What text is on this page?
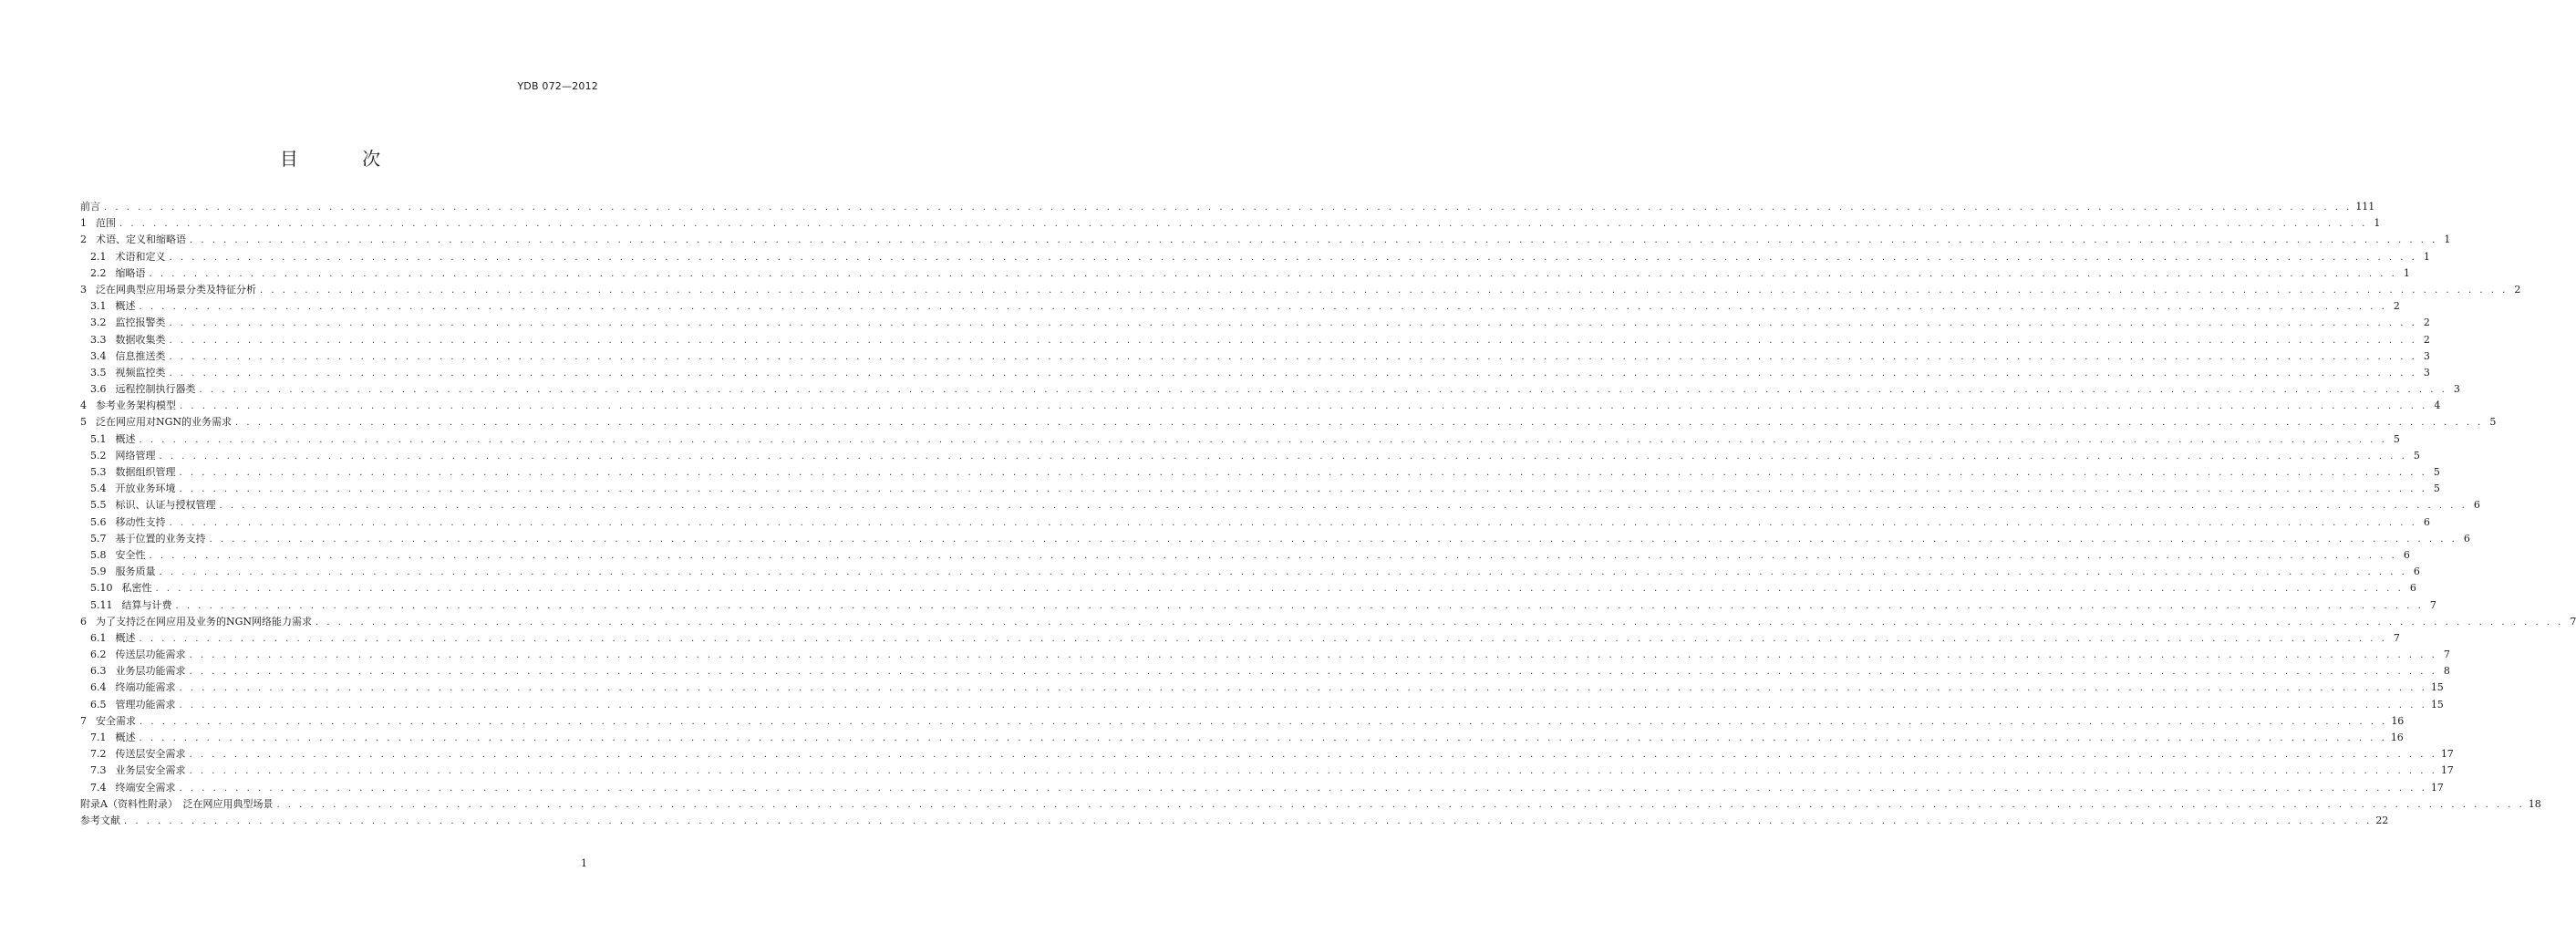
YDB 072—2012
目 次
前言 . . . . . . . . . . . . . . . . . . . . . . . . . . . . . . . . . . . . . . . . . . . . . . . . . . . . . . . . . . . . . . . . . . . . . . . . . . . . . . . . . . . . . . . . . . . . . . . . . . . . . . . . . . . . . . . . . . . . . . . . . . . . . . . . . . . . . . . . . . . . . . . . . . . . . . . . . . . . . . . . . . . . . . . . . . . . . . . . . . . . . . . . . . . . . . . . . . . . . . . . 111
1 范围 . . . . . . . . . . . . . . . . . . . . . . . . . . . . . . . . . . . . . . . . . . . . . . . . . . . . . . . . . . . . . . . . . . . . . . . . . . . . . . . . . . . . . . . . . . . . . . . . . . . . . . . . . . . . . . . . . . . . . . . . . . . . . . . . . . . . . . . . . . . . . . . . . . . . . . . . . . . . . . . . . . . . . . . . . . . . . . . . . . . . . . . . . . . . . . . . . . . . . . . . 1
2 术语、定义和缩略语 . . . . . . . . . . . . . . . . . . . . . . . . . . . . . . . . . . . . . . . . . . . . . . . . . . . . . . . . . . . . . . . . . . . . . . . . . . . . . . . . . . . . . . . . . . . . . . . . . . . . . . . . . . . . . . . . . . . . . . . . . . . . . . . . . . . . . . . . . . . . . . . . . . . . . . . . . . . . . . . . . . . . . . . . . . . . . . . . . . . . . . . . . . . . . . . . . . . . . . . . 1
2.1 术语和定义 . . . . . . . . . . . . . . . . . . . . . . . . . . . . . . . . . . . . . . . . . . . . . . . . . . . . . . . . . . . . . . . . . . . . . . . . . . . . . . . . . . . . . . . . . . . . . . . . . . . . . . . . . . . . . . . . . . . . . . . . . . . . . . . . . . . . . . . . . . . . . . . . . . . . . . . . . . . . . . . . . . . . . . . . . . . . . . . . . . . . . . . . . . . . . . . . . . . . . . . . 1
2.2 缩略语 . . . . . . . . . . . . . . . . . . . . . . . . . . . . . . . . . . . . . . . . . . . . . . . . . . . . . . . . . . . . . . . . . . . . . . . . . . . . . . . . . . . . . . . . . . . . . . . . . . . . . . . . . . . . . . . . . . . . . . . . . . . . . . . . . . . . . . . . . . . . . . . . . . . . . . . . . . . . . . . . . . . . . . . . . . . . . . . . . . . . . . . . . . . . . . . . . . . . . . . . 1
3 泛在网典型应用场景分类及特征分析 . . . . . . . . . . . . . . . . . . . . . . . . . . . . . . . . . . . . . . . . . . . . . . . . . . . . . . . . . . . . . . . . . . . . . . . . . . . . . . . . . . . . . . . . . . . . . . . . . . . . . . . . . . . . . . . . . . . . . . . . . . . . . . . . . . . . . . . . . . . . . . . . . . . . . . . . . . . . . . . . . . . . . . . . . . . . . . . . . . . . . . . . . . . . . . . . . . . . . . . . 2
3.1 概述 . . . . . . . . . . . . . . . . . . . . . . . . . . . . . . . . . . . . . . . . . . . . . . . . . . . . . . . . . . . . . . . . . . . . . . . . . . . . . . . . . . . . . . . . . . . . . . . . . . . . . . . . . . . . . . . . . . . . . . . . . . . . . . . . . . . . . . . . . . . . . . . . . . . . . . . . . . . . . . . . . . . . . . . . . . . . . . . . . . . . . . . . . . . . . . . . . . . . . . . . 2
3.2 监控报警类 . . . . . . . . . . . . . . . . . . . . . . . . . . . . . . . . . . . . . . . . . . . . . . . . . . . . . . . . . . . . . . . . . . . . . . . . . . . . . . . . . . . . . . . . . . . . . . . . . . . . . . . . . . . . . . . . . . . . . . . . . . . . . . . . . . . . . . . . . . . . . . . . . . . . . . . . . . . . . . . . . . . . . . . . . . . . . . . . . . . . . . . . . . . . . . . . . . . . . . . . 2
3.3 数据收集类 . . . . . . . . . . . . . . . . . . . . . . . . . . . . . . . . . . . . . . . . . . . . . . . . . . . . . . . . . . . . . . . . . . . . . . . . . . . . . . . . . . . . . . . . . . . . . . . . . . . . . . . . . . . . . . . . . . . . . . . . . . . . . . . . . . . . . . . . . . . . . . . . . . . . . . . . . . . . . . . . . . . . . . . . . . . . . . . . . . . . . . . . . . . . . . . . . . . . . . . . 2
3.4 信息推送类 . . . . . . . . . . . . . . . . . . . . . . . . . . . . . . . . . . . . . . . . . . . . . . . . . . . . . . . . . . . . . . . . . . . . . . . . . . . . . . . . . . . . . . . . . . . . . . . . . . . . . . . . . . . . . . . . . . . . . . . . . . . . . . . . . . . . . . . . . . . . . . . . . . . . . . . . . . . . . . . . . . . . . . . . . . . . . . . . . . . . . . . . . . . . . . . . . . . . . . . . 3
3.5 视频监控类 . . . . . . . . . . . . . . . . . . . . . . . . . . . . . . . . . . . . . . . . . . . . . . . . . . . . . . . . . . . . . . . . . . . . . . . . . . . . . . . . . . . . . . . . . . . . . . . . . . . . . . . . . . . . . . . . . . . . . . . . . . . . . . . . . . . . . . . . . . . . . . . . . . . . . . . . . . . . . . . . . . . . . . . . . . . . . . . . . . . . . . . . . . . . . . . . . . . . . . . . 3
3.6 远程控制执行器类 . . . . . . . . . . . . . . . . . . . . . . . . . . . . . . . . . . . . . . . . . . . . . . . . . . . . . . . . . . . . . . . . . . . . . . . . . . . . . . . . . . . . . . . . . . . . . . . . . . . . . . . . . . . . . . . . . . . . . . . . . . . . . . . . . . . . . . . . . . . . . . . . . . . . . . . . . . . . . . . . . . . . . . . . . . . . . . . . . . . . . . . . . . . . . . . . . . . . . . . . 3
4 参考业务架构模型 . . . . . . . . . . . . . . . . . . . . . . . . . . . . . . . . . . . . . . . . . . . . . . . . . . . . . . . . . . . . . . . . . . . . . . . . . . . . . . . . . . . . . . . . . . . . . . . . . . . . . . . . . . . . . . . . . . . . . . . . . . . . . . . . . . . . . . . . . . . . . . . . . . . . . . . . . . . . . . . . . . . . . . . . . . . . . . . . . . . . . . . . . . . . . . . . . . . . . . . . 4
5 泛在网应用对NGN的业务需求 . . . . . . . . . . . . . . . . . . . . . . . . . . . . . . . . . . . . . . . . . . . . . . . . . . . . . . . . . . . . . . . . . . . . . . . . . . . . . . . . . . . . . . . . . . . . . . . . . . . . . . . . . . . . . . . . . . . . . . . . . . . . . . . . . . . . . . . . . . . . . . . . . . . . . . . . . . . . . . . . . . . . . . . . . . . . . . . . . . . . . . . . . . . . . . . . . . . . . . . . 5
5.1 概述 . . . . . . . . . . . . . . . . . . . . . . . . . . . . . . . . . . . . . . . . . . . . . . . . . . . . . . . . . . . . . . . . . . . . . . . . . . . . . . . . . . . . . . . . . . . . . . . . . . . . . . . . . . . . . . . . . . . . . . . . . . . . . . . . . . . . . . . . . . . . . . . . . . . . . . . . . . . . . . . . . . . . . . . . . . . . . . . . . . . . . . . . . . . . . . . . . . . . . . . . 5
5.2 网络管理 . . . . . . . . . . . . . . . . . . . . . . . . . . . . . . . . . . . . . . . . . . . . . . . . . . . . . . . . . . . . . . . . . . . . . . . . . . . . . . . . . . . . . . . . . . . . . . . . . . . . . . . . . . . . . . . . . . . . . . . . . . . . . . . . . . . . . . . . . . . . . . . . . . . . . . . . . . . . . . . . . . . . . . . . . . . . . . . . . . . . . . . . . . . . . . . . . . . . . . . . 5
5.3 数据组织管理 . . . . . . . . . . . . . . . . . . . . . . . . . . . . . . . . . . . . . . . . . . . . . . . . . . . . . . . . . . . . . . . . . . . . . . . . . . . . . . . . . . . . . . . . . . . . . . . . . . . . . . . . . . . . . . . . . . . . . . . . . . . . . . . . . . . . . . . . . . . . . . . . . . . . . . . . . . . . . . . . . . . . . . . . . . . . . . . . . . . . . . . . . . . . . . . . . . . . . . . . 5
5.4 开放业务环境 . . . . . . . . . . . . . . . . . . . . . . . . . . . . . . . . . . . . . . . . . . . . . . . . . . . . . . . . . . . . . . . . . . . . . . . . . . . . . . . . . . . . . . . . . . . . . . . . . . . . . . . . . . . . . . . . . . . . . . . . . . . . . . . . . . . . . . . . . . . . . . . . . . . . . . . . . . . . . . . . . . . . . . . . . . . . . . . . . . . . . . . . . . . . . . . . . . . . . . . . 5
5.5 标识、认证与授权管理 . . . . . . . . . . . . . . . . . . . . . . . . . . . . . . . . . . . . . . . . . . . . . . . . . . . . . . . . . . . . . . . . . . . . . . . . . . . . . . . . . . . . . . . . . . . . . . . . . . . . . . . . . . . . . . . . . . . . . . . . . . . . . . . . . . . . . . . . . . . . . . . . . . . . . . . . . . . . . . . . . . . . . . . . . . . . . . . . . . . . . . . . . . . . . . . . . . . . . . . . 6
5.6 移动性支持 . . . . . . . . . . . . . . . . . . . . . . . . . . . . . . . . . . . . . . . . . . . . . . . . . . . . . . . . . . . . . . . . . . . . . . . . . . . . . . . . . . . . . . . . . . . . . . . . . . . . . . . . . . . . . . . . . . . . . . . . . . . . . . . . . . . . . . . . . . . . . . . . . . . . . . . . . . . . . . . . . . . . . . . . . . . . . . . . . . . . . . . . . . . . . . . . . . . . . . . . 6
5.7 基于位置的业务支持 . . . . . . . . . . . . . . . . . . . . . . . . . . . . . . . . . . . . . . . . . . . . . . . . . . . . . . . . . . . . . . . . . . . . . . . . . . . . . . . . . . . . . . . . . . . . . . . . . . . . . . . . . . . . . . . . . . . . . . . . . . . . . . . . . . . . . . . . . . . . . . . . . . . . . . . . . . . . . . . . . . . . . . . . . . . . . . . . . . . . . . . . . . . . . . . . . . . . . . . . 6
5.8 安全性 . . . . . . . . . . . . . . . . . . . . . . . . . . . . . . . . . . . . . . . . . . . . . . . . . . . . . . . . . . . . . . . . . . . . . . . . . . . . . . . . . . . . . . . . . . . . . . . . . . . . . . . . . . . . . . . . . . . . . . . . . . . . . . . . . . . . . . . . . . . . . . . . . . . . . . . . . . . . . . . . . . . . . . . . . . . . . . . . . . . . . . . . . . . . . . . . . . . . . . . . 6
5.9 服务质量 . . . . . . . . . . . . . . . . . . . . . . . . . . . . . . . . . . . . . . . . . . . . . . . . . . . . . . . . . . . . . . . . . . . . . . . . . . . . . . . . . . . . . . . . . . . . . . . . . . . . . . . . . . . . . . . . . . . . . . . . . . . . . . . . . . . . . . . . . . . . . . . . . . . . . . . . . . . . . . . . . . . . . . . . . . . . . . . . . . . . . . . . . . . . . . . . . . . . . . . . 6
5.10 私密性 . . . . . . . . . . . . . . . . . . . . . . . . . . . . . . . . . . . . . . . . . . . . . . . . . . . . . . . . . . . . . . . . . . . . . . . . . . . . . . . . . . . . . . . . . . . . . . . . . . . . . . . . . . . . . . . . . . . . . . . . . . . . . . . . . . . . . . . . . . . . . . . . . . . . . . . . . . . . . . . . . . . . . . . . . . . . . . . . . . . . . . . . . . . . . . . . . . . . . . . . 6
5.11 结算与计费 . . . . . . . . . . . . . . . . . . . . . . . . . . . . . . . . . . . . . . . . . . . . . . . . . . . . . . . . . . . . . . . . . . . . . . . . . . . . . . . . . . . . . . . . . . . . . . . . . . . . . . . . . . . . . . . . . . . . . . . . . . . . . . . . . . . . . . . . . . . . . . . . . . . . . . . . . . . . . . . . . . . . . . . . . . . . . . . . . . . . . . . . . . . . . . . . . . . . . . . . 7
6 为了支持泛在网应用及业务的NGN网络能力需求 . . . . . . . . . . . . . . . . . . . . . . . . . . . . . . . . . . . . . . . . . . . . . . . . . . . . . . . . . . . . . . . . . . . . . . . . . . . . . . . . . . . . . . . . . . . . . . . . . . . . . . . . . . . . . . . . . . . . . . . . . . . . . . . . . . . . . . . . . . . . . . . . . . . . . . . . . . . . . . . . . . . . . . . . . . . . . . . . . . . . . . . . . . . . . . . . . . . . . . . . 7
6.1 概述 . . . . . . . . . . . . . . . . . . . . . . . . . . . . . . . . . . . . . . . . . . . . . . . . . . . . . . . . . . . . . . . . . . . . . . . . . . . . . . . . . . . . . . . . . . . . . . . . . . . . . . . . . . . . . . . . . . . . . . . . . . . . . . . . . . . . . . . . . . . . . . . . . . . . . . . . . . . . . . . . . . . . . . . . . . . . . . . . . . . . . . . . . . . . . . . . . . . . . . . . 7
6.2 传送层功能需求 . . . . . . . . . . . . . . . . . . . . . . . . . . . . . . . . . . . . . . . . . . . . . . . . . . . . . . . . . . . . . . . . . . . . . . . . . . . . . . . . . . . . . . . . . . . . . . . . . . . . . . . . . . . . . . . . . . . . . . . . . . . . . . . . . . . . . . . . . . . . . . . . . . . . . . . . . . . . . . . . . . . . . . . . . . . . . . . . . . . . . . . . . . . . . . . . . . . . . . . . 7
6.3 业务层功能需求 . . . . . . . . . . . . . . . . . . . . . . . . . . . . . . . . . . . . . . . . . . . . . . . . . . . . . . . . . . . . . . . . . . . . . . . . . . . . . . . . . . . . . . . . . . . . . . . . . . . . . . . . . . . . . . . . . . . . . . . . . . . . . . . . . . . . . . . . . . . . . . . . . . . . . . . . . . . . . . . . . . . . . . . . . . . . . . . . . . . . . . . . . . . . . . . . . . . . . . . . 8
6.4 终端功能需求 . . . . . . . . . . . . . . . . . . . . . . . . . . . . . . . . . . . . . . . . . . . . . . . . . . . . . . . . . . . . . . . . . . . . . . . . . . . . . . . . . . . . . . . . . . . . . . . . . . . . . . . . . . . . . . . . . . . . . . . . . . . . . . . . . . . . . . . . . . . . . . . . . . . . . . . . . . . . . . . . . . . . . . . . . . . . . . . . . . . . . . . . . . . . . . . . . . . . . . . . 15
6.5 管理功能需求 . . . . . . . . . . . . . . . . . . . . . . . . . . . . . . . . . . . . . . . . . . . . . . . . . . . . . . . . . . . . . . . . . . . . . . . . . . . . . . . . . . . . . . . . . . . . . . . . . . . . . . . . . . . . . . . . . . . . . . . . . . . . . . . . . . . . . . . . . . . . . . . . . . . . . . . . . . . . . . . . . . . . . . . . . . . . . . . . . . . . . . . . . . . . . . . . . . . . . . . . 15
7 安全需求 . . . . . . . . . . . . . . . . . . . . . . . . . . . . . . . . . . . . . . . . . . . . . . . . . . . . . . . . . . . . . . . . . . . . . . . . . . . . . . . . . . . . . . . . . . . . . . . . . . . . . . . . . . . . . . . . . . . . . . . . . . . . . . . . . . . . . . . . . . . . . . . . . . . . . . . . . . . . . . . . . . . . . . . . . . . . . . . . . . . . . . . . . . . . . . . . . . . . . . . . 16
7.1 概述 . . . . . . . . . . . . . . . . . . . . . . . . . . . . . . . . . . . . . . . . . . . . . . . . . . . . . . . . . . . . . . . . . . . . . . . . . . . . . . . . . . . . . . . . . . . . . . . . . . . . . . . . . . . . . . . . . . . . . . . . . . . . . . . . . . . . . . . . . . . . . . . . . . . . . . . . . . . . . . . . . . . . . . . . . . . . . . . . . . . . . . . . . . . . . . . . . . . . . . . . 16
7.2 传送层安全需求 . . . . . . . . . . . . . . . . . . . . . . . . . . . . . . . . . . . . . . . . . . . . . . . . . . . . . . . . . . . . . . . . . . . . . . . . . . . . . . . . . . . . . . . . . . . . . . . . . . . . . . . . . . . . . . . . . . . . . . . . . . . . . . . . . . . . . . . . . . . . . . . . . . . . . . . . . . . . . . . . . . . . . . . . . . . . . . . . . . . . . . . . . . . . . . . . . . . . . . . . 17
7.3 业务层安全需求 . . . . . . . . . . . . . . . . . . . . . . . . . . . . . . . . . . . . . . . . . . . . . . . . . . . . . . . . . . . . . . . . . . . . . . . . . . . . . . . . . . . . . . . . . . . . . . . . . . . . . . . . . . . . . . . . . . . . . . . . . . . . . . . . . . . . . . . . . . . . . . . . . . . . . . . . . . . . . . . . . . . . . . . . . . . . . . . . . . . . . . . . . . . . . . . . . . . . . . . . 17
7.4 终端安全需求 . . . . . . . . . . . . . . . . . . . . . . . . . . . . . . . . . . . . . . . . . . . . . . . . . . . . . . . . . . . . . . . . . . . . . . . . . . . . . . . . . . . . . . . . . . . . . . . . . . . . . . . . . . . . . . . . . . . . . . . . . . . . . . . . . . . . . . . . . . . . . . . . . . . . . . . . . . . . . . . . . . . . . . . . . . . . . . . . . . . . . . . . . . . . . . . . . . . . . . . . 17
附录A（资料性附录）　泛在网应用典型场景 . . . . . . . . . . . . . . . . . . . . . . . . . . . . . . . . . . . . . . . . . . . . . . . . . . . . . . . . . . . . . . . . . . . . . . . . . . . . . . . . . . . . . . . . . . . . . . . . . . . . . . . . . . . . . . . . . . . . . . . . . . . . . . . . . . . . . . . . . . . . . . . . . . . . . . . . . . . . . . . . . . . . . . . . . . . . . . . . . . . . . . . . . . . . . . . . . . . . . . . . 18
参考文献 . . . . . . . . . . . . . . . . . . . . . . . . . . . . . . . . . . . . . . . . . . . . . . . . . . . . . . . . . . . . . . . . . . . . . . . . . . . . . . . . . . . . . . . . . . . . . . . . . . . . . . . . . . . . . . . . . . . . . . . . . . . . . . . . . . . . . . . . . . . . . . . . . . . . . . . . . . . . . . . . . . . . . . . . . . . . . . . . . . . . . . . . . . . . . . . . . . . . . . . . 22
1
